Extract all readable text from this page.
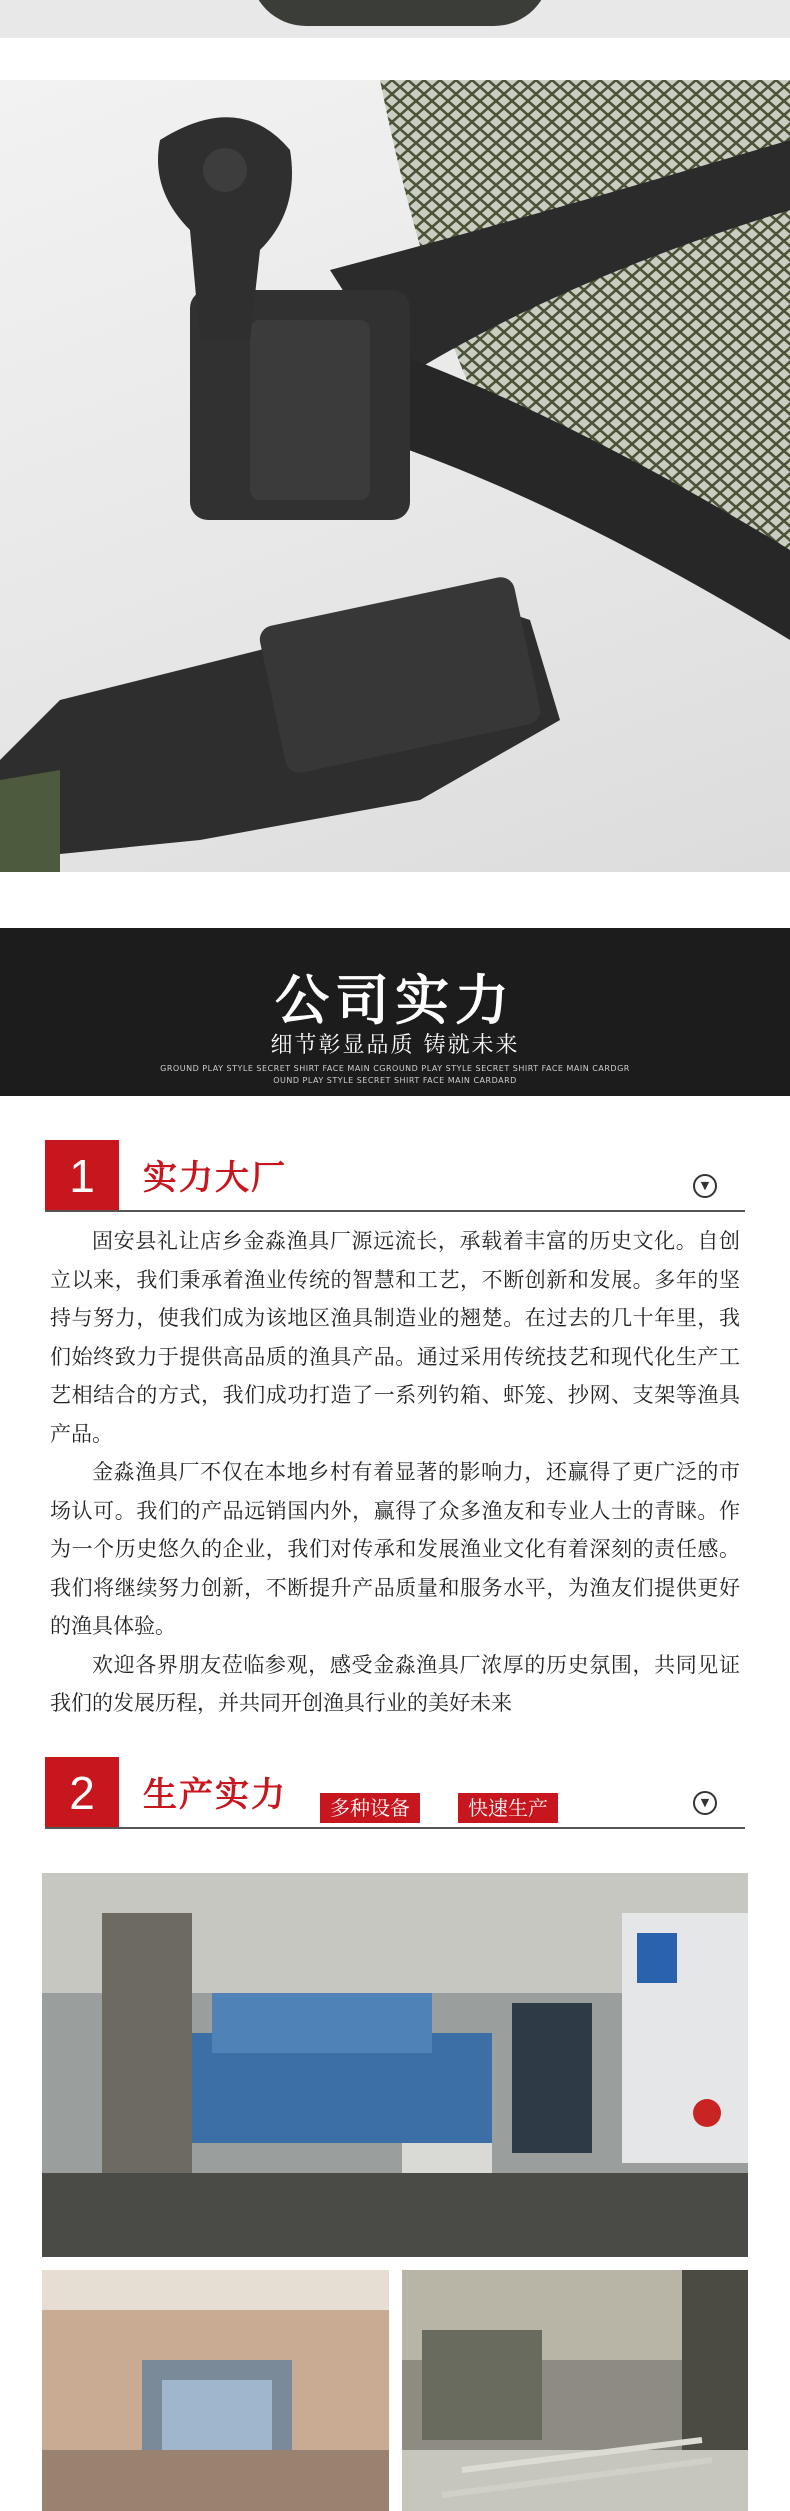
公司实力
细节彰显品质 铸就未来
GROUND PLAY STYLE SECRET SHIRT FACE MAIN CGROUND PLAY STYLE SECRET SHIRT FACE MAIN CARDGR
OUND PLAY STYLE SECRET SHIRT FACE MAIN CARDARD
1	实力大厂	▼

固安县礼让店乡金淼渔具厂源远流长，承载着丰富的历史文化。自创立以来，我们秉承着渔业传统的智慧和工艺，不断创新和发展。多年的坚持与努力，使我们成为该地区渔具制造业的翘楚。在过去的几十年里，我们始终致力于提供高品质的渔具产品。通过采用传统技艺和现代化生产工艺相结合的方式，我们成功打造了一系列钓箱、虾笼、抄网、支架等渔具产品。

金淼渔具厂不仅在本地乡村有着显著的影响力，还赢得了更广泛的市场认可。我们的产品远销国内外，赢得了众多渔友和专业人士的青睐。作为一个历史悠久的企业，我们对传承和发展渔业文化有着深刻的责任感。我们将继续努力创新，不断提升产品质量和服务水平，为渔友们提供更好的渔具体验。

欢迎各界朋友莅临参观，感受金淼渔具厂浓厚的历史氛围，共同见证我们的发展历程，并共同开创渔具行业的美好未来

2	生产实力	多种设备	快速生产	▼
